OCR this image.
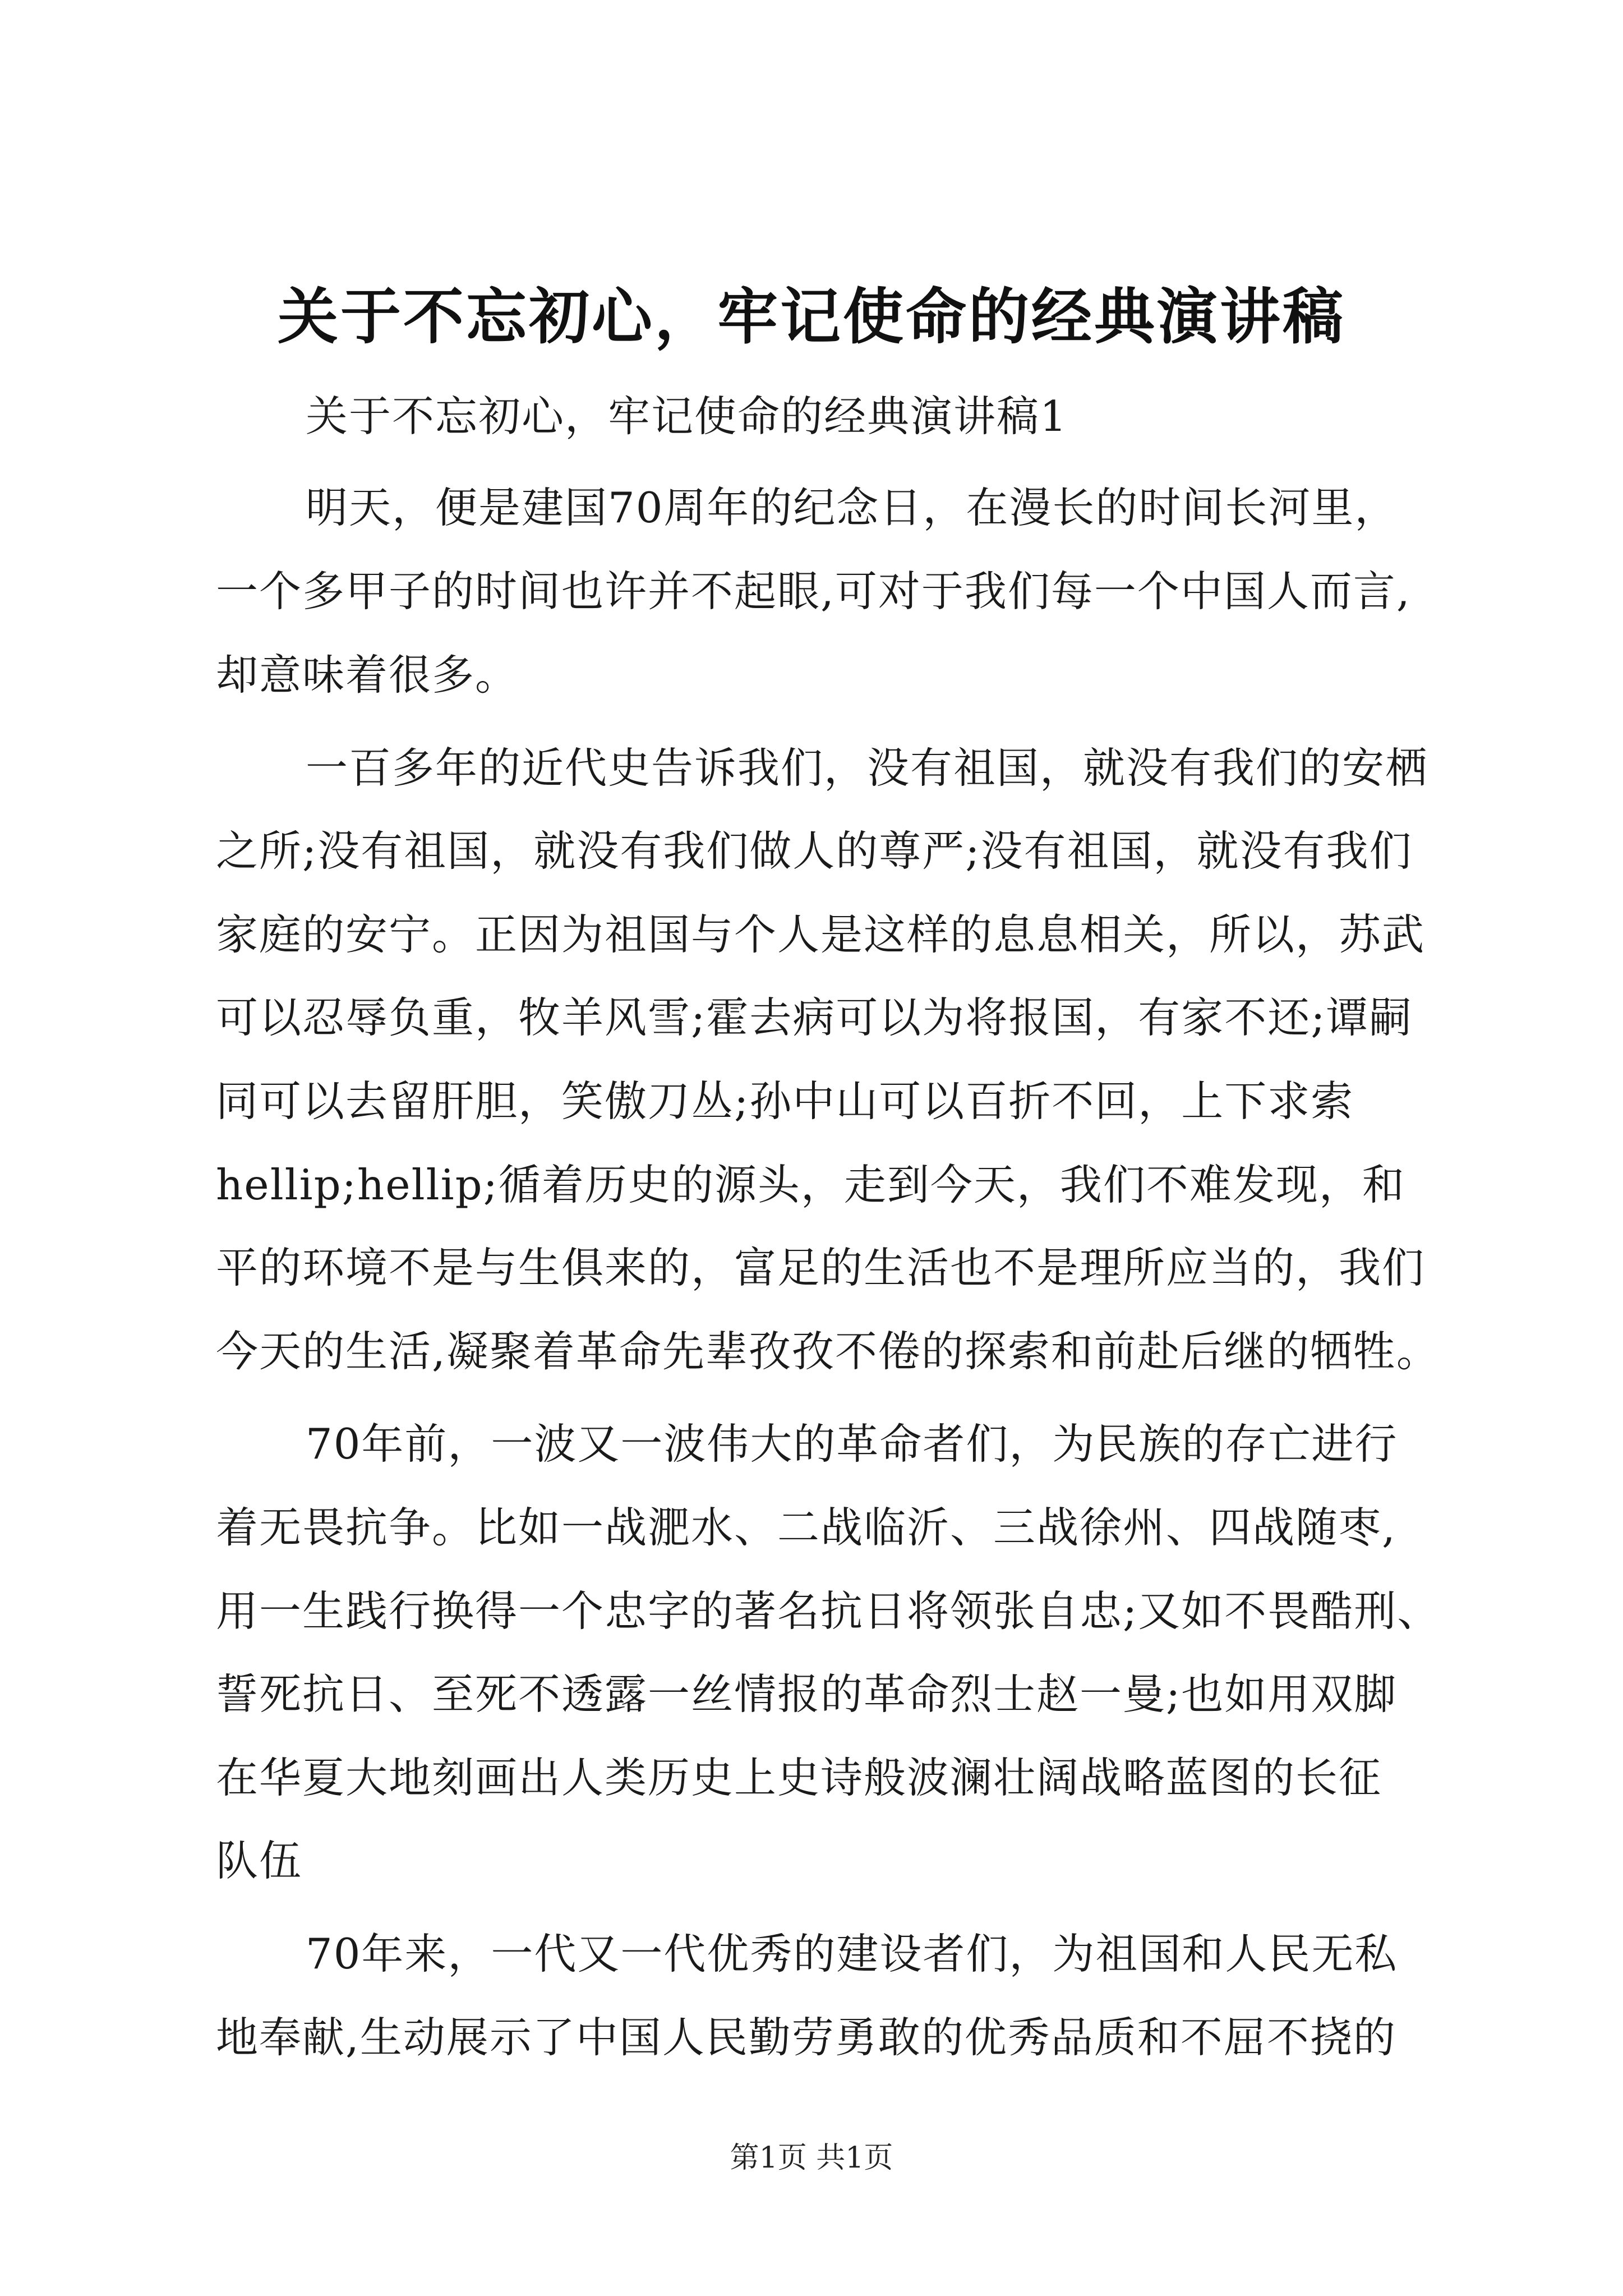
关于不忘初心，牢记使命的经典演讲稿
关于不忘初心，牢记使命的经典演讲稿1
明天，便是建国70周年的纪念日，在漫长的时间长河里，
一个多甲子的时间也许并不起眼,可对于我们每一个中国人而言,
却意味着很多。
一百多年的近代史告诉我们，没有祖国，就没有我们的安栖
之所;没有祖国，就没有我们做人的尊严;没有祖国，就没有我们
家庭的安宁。正因为祖国与个人是这样的息息相关，所以，苏武
可以忍辱负重，牧羊风雪;霍去病可以为将报国，有家不还;谭嗣
同可以去留肝胆，笑傲刀丛;孙中山可以百折不回，上下求索
hellip;hellip;循着历史的源头，走到今天，我们不难发现，和
平的环境不是与生俱来的，富足的生活也不是理所应当的，我们
今天的生活,凝聚着革命先辈孜孜不倦的探索和前赴后继的牺牲。
70年前，一波又一波伟大的革命者们，为民族的存亡进行
着无畏抗争。比如一战淝水、二战临沂、三战徐州、四战随枣,
用一生践行换得一个忠字的著名抗日将领张自忠;又如不畏酷刑、
誓死抗日、至死不透露一丝情报的革命烈士赵一曼;也如用双脚
在华夏大地刻画出人类历史上史诗般波澜壮阔战略蓝图的长征
队伍
70年来，一代又一代优秀的建设者们，为祖国和人民无私
地奉献,生动展示了中国人民勤劳勇敢的优秀品质和不屈不挠的
第1页 共1页
